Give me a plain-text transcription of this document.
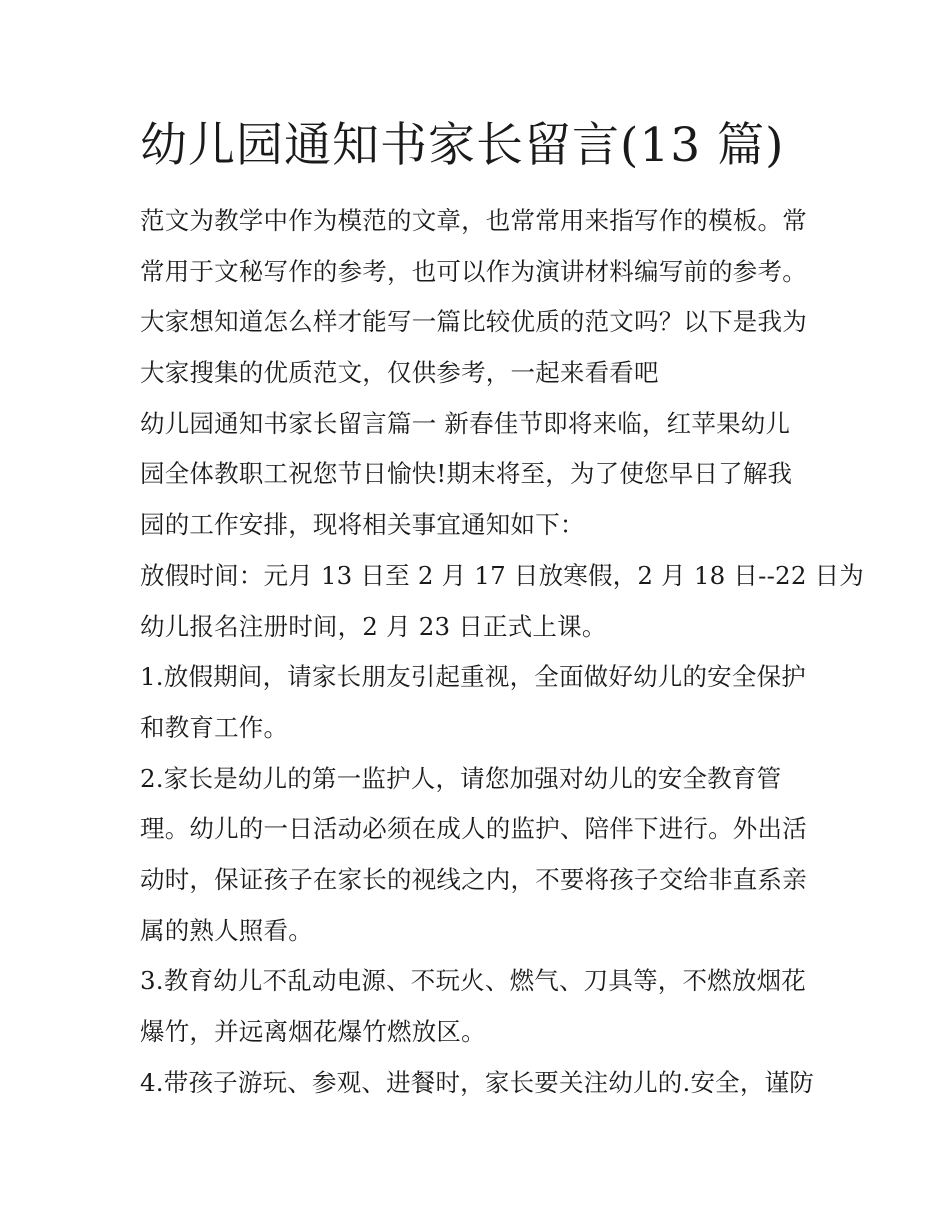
幼儿园通知书家长留言(13 篇)
范文为教学中作为模范的文章，也常常用来指写作的模板。常
常用于文秘写作的参考，也可以作为演讲材料编写前的参考。
大家想知道怎么样才能写一篇比较优质的范文吗？以下是我为
大家搜集的优质范文，仅供参考，一起来看看吧
幼儿园通知书家长留言篇一 新春佳节即将来临，红苹果幼儿
园全体教职工祝您节日愉快!期末将至，为了使您早日了解我
园的工作安排，现将相关事宜通知如下：
放假时间：元月 13 日至 2 月 17 日放寒假，2 月 18 日--22 日为
幼儿报名注册时间，2 月 23 日正式上课。
1.放假期间，请家长朋友引起重视，全面做好幼儿的安全保护
和教育工作。
2.家长是幼儿的第一监护人，请您加强对幼儿的安全教育管
理。幼儿的一日活动必须在成人的监护、陪伴下进行。外出活
动时，保证孩子在家长的视线之内，不要将孩子交给非直系亲
属的熟人照看。
3.教育幼儿不乱动电源、不玩火、燃气、刀具等，不燃放烟花
爆竹，并远离烟花爆竹燃放区。
4.带孩子游玩、参观、进餐时，家长要关注幼儿的.安全，谨防
